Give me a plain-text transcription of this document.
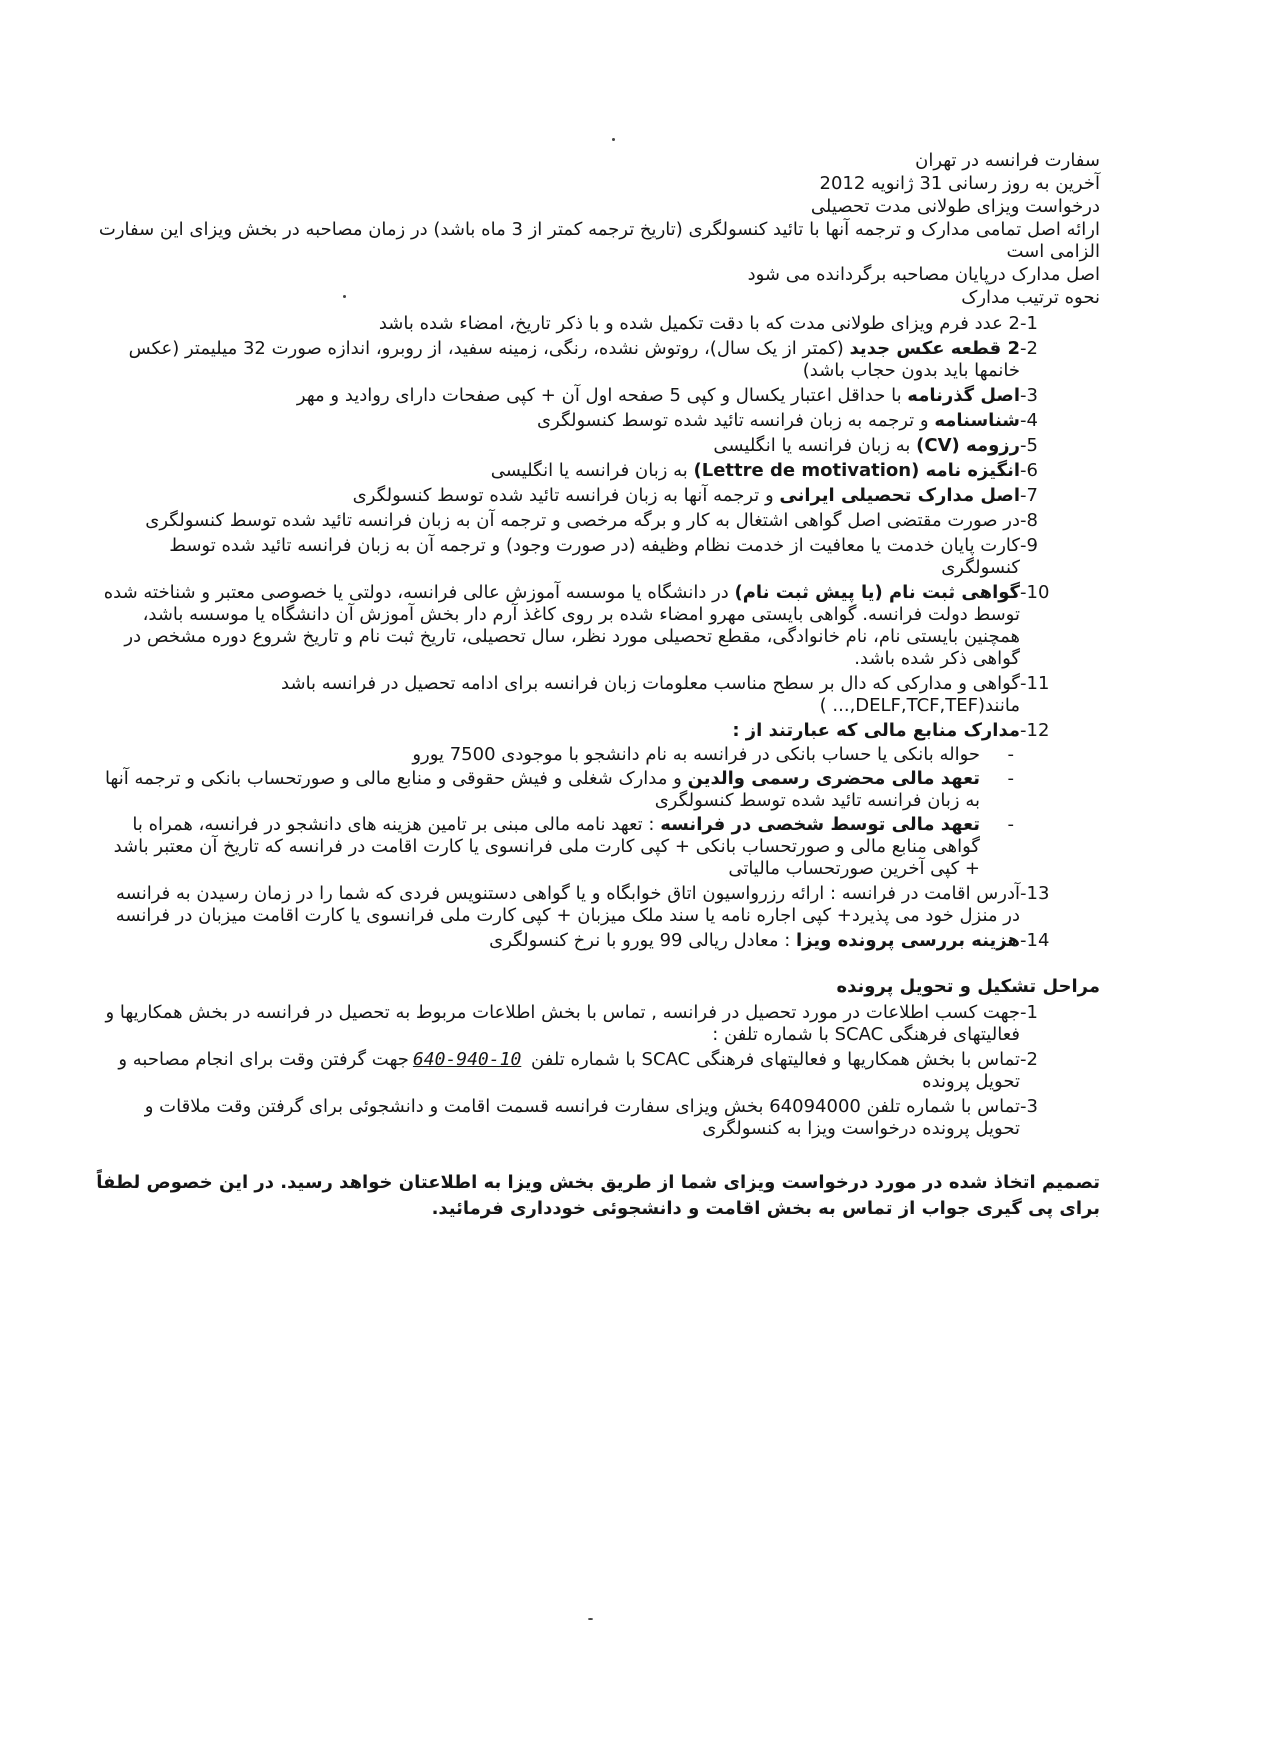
سفارت فرانسه در تهران
آخرین به روز رسانی 31 ژانویه 2012
درخواست ویزای طولانی مدت تحصیلی
ارائه اصل تمامی مدارک و ترجمه آنها با تائید کنسولگری (تاریخ ترجمه کمتر از 3 ماه باشد) در زمان مصاحبه در بخش ویزای این سفارت الزامی است
اصل مدارک درپایان مصاحبه برگردانده می شود
نحوه ترتیب مدارک
-1
2 عدد فرم ویزای طولانی مدت که با دقت تکمیل شده و با ذکر تاریخ، امضاء شده باشد
-2
2 قطعه عکس جدید (کمتر از یک سال)، روتوش نشده، رنگی، زمینه سفید، از روبرو، اندازه صورت 32 میلیمتر (عکس خانمها باید بدون حجاب باشد)
-3
اصل گذرنامه با حداقل اعتبار یکسال و کپی 5 صفحه اول آن + کپی صفحات دارای روادید و مهر
-4
شناسنامه و ترجمه به زبان فرانسه تائید شده توسط کنسولگری
-5
رزومه (CV) به زبان فرانسه یا انگلیسی
-6
انگیزه نامه (Lettre de motivation) به زبان فرانسه یا انگلیسی
-7
اصل مدارک تحصیلی ایرانی و ترجمه آنها به زبان فرانسه تائید شده توسط کنسولگری
-8
در صورت مقتضی اصل گواهی اشتغال به کار و برگه مرخصی و ترجمه آن به زبان فرانسه تائید شده توسط کنسولگری
-9
کارت پایان خدمت یا معافیت از خدمت نظام وظیفه (در صورت وجود) و ترجمه آن به زبان فرانسه تائید شده توسط کنسولگری
-10
گواهی ثبت نام (یا پیش ثبت نام) در دانشگاه یا موسسه آموزش عالی فرانسه، دولتی یا خصوصی معتبر و شناخته شده توسط دولت فرانسه. گواهی بایستی مهرو امضاء شده بر روی کاغذ آرم دار بخش آموزش آن دانشگاه یا موسسه باشد، همچنین بایستی نام، نام خانوادگی، مقطع تحصیلی مورد نظر، سال تحصیلی، تاریخ ثبت نام و تاریخ شروع دوره مشخص در گواهی ذکر شده باشد.
-11
گواهی و مدارکی که دال بر سطح مناسب معلومات زبان فرانسه برای ادامه تحصیل در فرانسه باشد مانند(DELF,TCF,TEF,... )
-12
مدارک منابع مالی که عبارتند از :
-
حواله بانکی یا حساب بانکی در فرانسه به نام دانشجو با موجودی 7500 یورو
-
تعهد مالی محضری رسمی والدین و مدارک شغلی و فیش حقوقی و منابع مالی و صورتحساب بانکی و ترجمه آنها به زبان فرانسه تائید شده توسط کنسولگری
-
تعهد مالی توسط شخصی در فرانسه : تعهد نامه مالی مبنی بر تامین هزینه های دانشجو در فرانسه، همراه با گواهی منابع مالی و صورتحساب بانکی + کپی کارت ملی فرانسوی یا کارت اقامت در فرانسه که تاریخ آن معتبر باشد + کپی آخرین صورتحساب مالیاتی
-13
آدرس اقامت در فرانسه : ارائه رزرواسیون اتاق خوابگاه و یا گواهی دستنویس فردی که شما را در زمان رسیدن به فرانسه در منزل خود می پذیرد+ کپی اجاره نامه یا سند ملک میزبان + کپی کارت ملی فرانسوی یا کارت اقامت میزبان در فرانسه
-14
هزینه بررسی پرونده ویزا : معادل ریالی 99 یورو با نرخ کنسولگری
مراحل تشکیل و تحویل پرونده
-1
جهت کسب اطلاعات در مورد تحصیل در فرانسه , تماس با بخش اطلاعات مربوط به تحصیل در فرانسه در بخش همکاریها و فعالیتهای فرهنگی SCAC با شماره تلفن :
-2
تماس با بخش همکاریها و فعالیتهای فرهنگی SCAC با شماره تلفن 640-940-10جهت گرفتن وقت برای انجام مصاحبه و تحویل پرونده
-3
تماس با شماره تلفن 64094000 بخش ویزای سفارت فرانسه قسمت اقامت و دانشجوئی برای گرفتن وقت ملاقات و تحویل پرونده درخواست ویزا به کنسولگری
تصمیم اتخاذ شده در مورد درخواست ویزای شما از طریق بخش ویزا به اطلاعتان خواهد رسید. در این خصوص لطفاً برای پی گیری جواب از تماس به بخش اقامت و دانشجوئی خودداری فرمائید.
